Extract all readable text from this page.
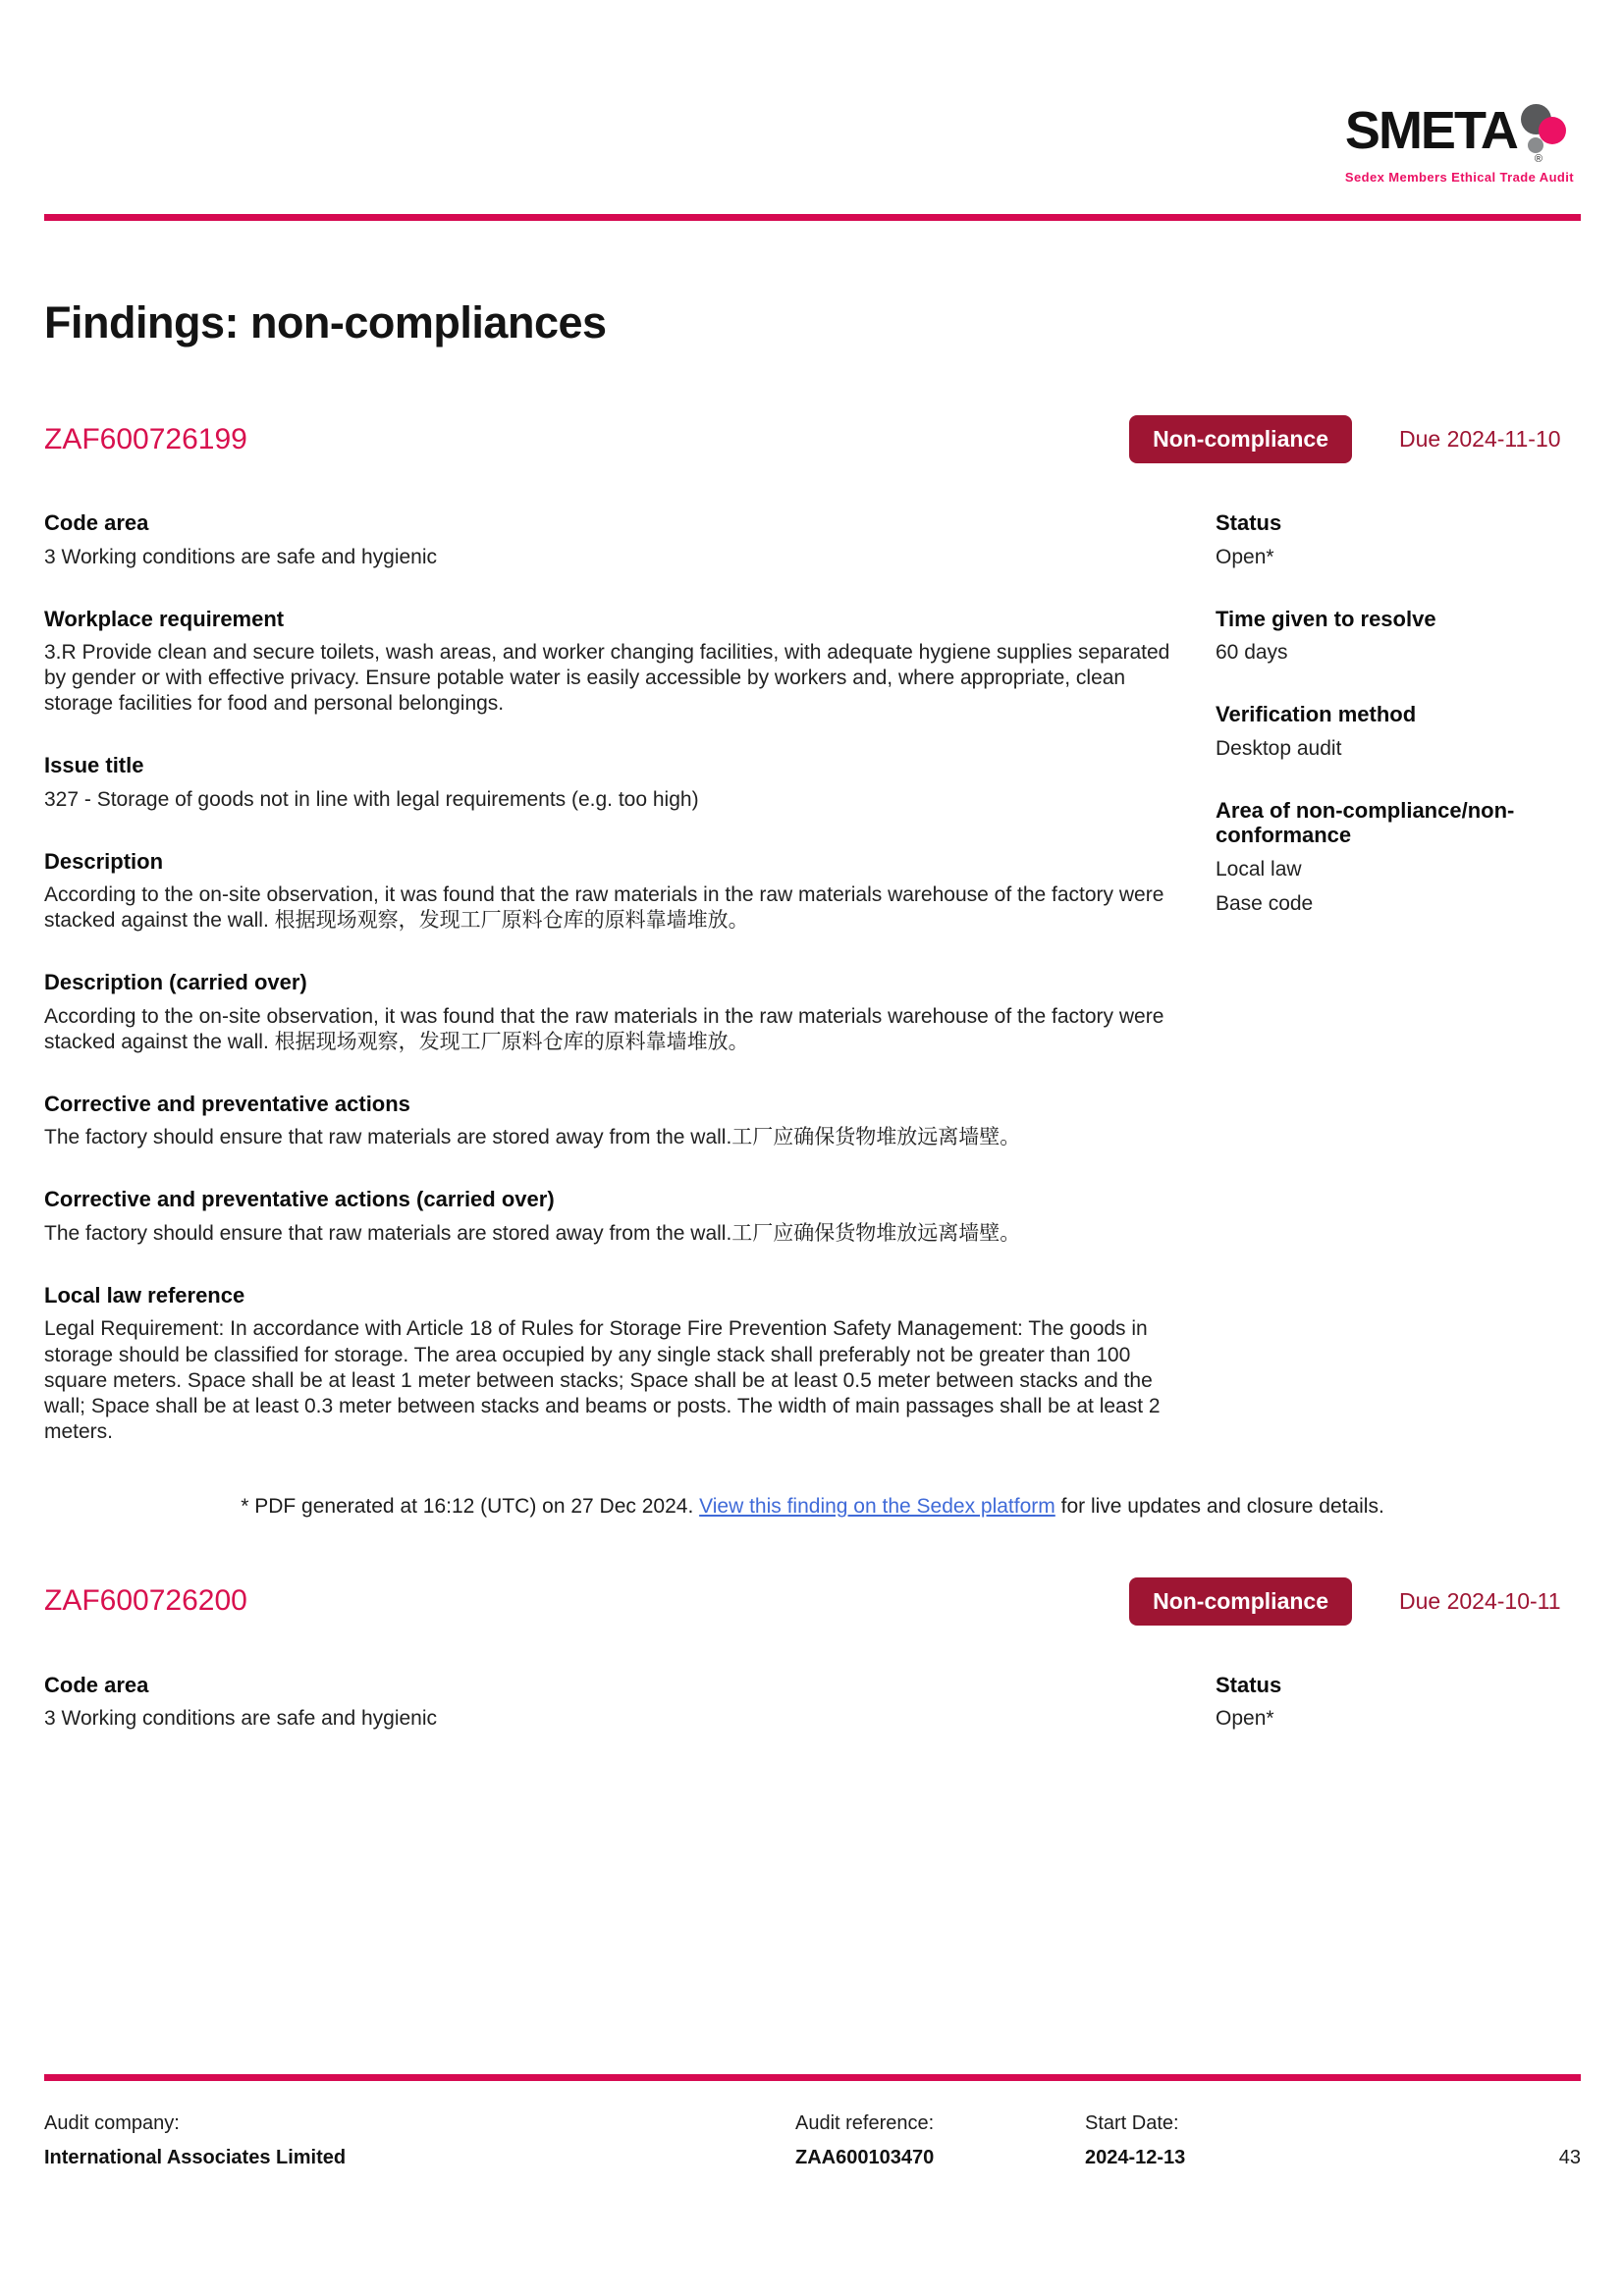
SMETA ®
Sedex Members Ethical Trade Audit
Findings: non-compliances
ZAF600726199	Non-compliance	Due 2024-11-10
Code area
3 Working conditions are safe and hygienic
Workplace requirement
3.R Provide clean and secure toilets, wash areas, and worker changing facilities, with adequate hygiene supplies separated by gender or with effective privacy. Ensure potable water is easily accessible by workers and, where appropriate, clean storage facilities for food and personal belongings.
Issue title
327 - Storage of goods not in line with legal requirements (e.g. too high)
Description
According to the on-site observation, it was found that the raw materials in the raw materials warehouse of the factory were stacked against the wall. 根据现场观察，发现工厂原料仓库的原料靠墙堆放。
Description (carried over)
According to the on-site observation, it was found that the raw materials in the raw materials warehouse of the factory were stacked against the wall. 根据现场观察，发现工厂原料仓库的原料靠墙堆放。
Corrective and preventative actions
The factory should ensure that raw materials are stored away from the wall.工厂应确保货物堆放远离墙壁。
Corrective and preventative actions (carried over)
The factory should ensure that raw materials are stored away from the wall.工厂应确保货物堆放远离墙壁。
Local law reference
Legal Requirement: In accordance with Article 18 of Rules for Storage Fire Prevention Safety Management: The goods in storage should be classified for storage. The area occupied by any single stack shall preferably not be greater than 100 square meters. Space shall be at least 1 meter between stacks; Space shall be at least 0.5 meter between stacks and the wall; Space shall be at least 0.3 meter between stacks and beams or posts. The width of main passages shall be at least 2 meters.
Status
Open*
Time given to resolve
60 days
Verification method
Desktop audit
Area of non-compliance/non-conformance
Local law
Base code

* PDF generated at 16:12 (UTC) on 27 Dec 2024. View this finding on the Sedex platform for live updates and closure details.

ZAF600726200	Non-compliance	Due 2024-10-11
Code area
3 Working conditions are safe and hygienic
Status
Open*
Audit company:
International Associates Limited
Audit reference:
ZAA600103470
Start Date:
2024-12-13	43
